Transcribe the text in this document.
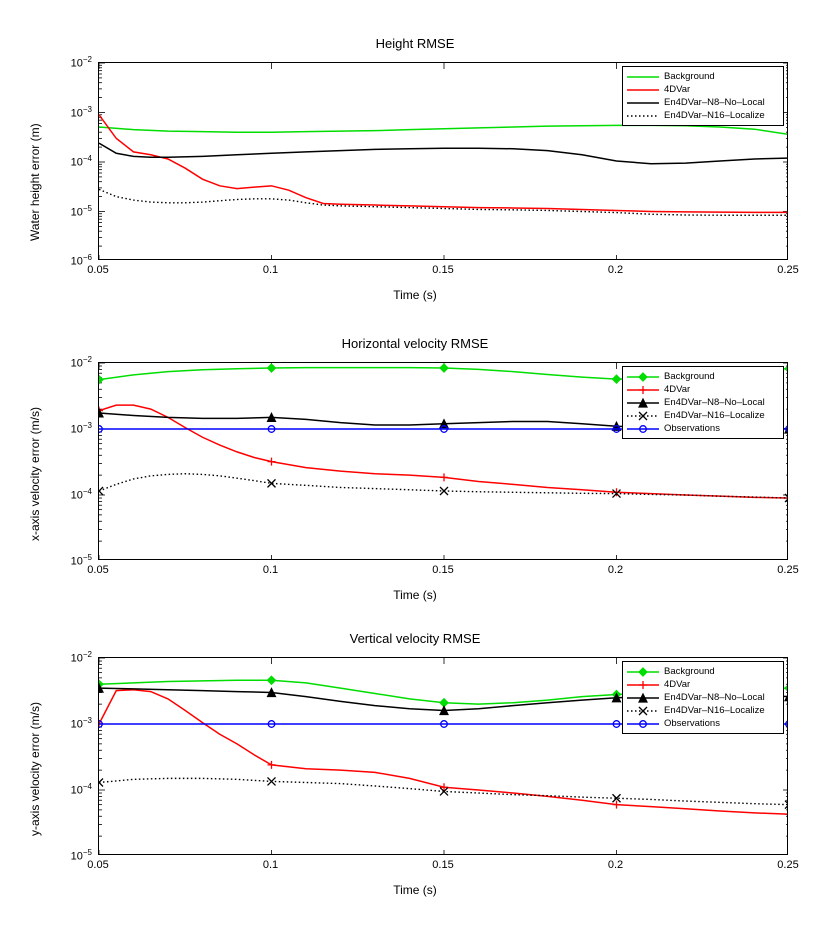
Height RMSE
Water height error (m)
Time (s)
0.05	0.1	0.15	0.2	0.25
$10^{-6}$
$10^{-5}$
$10^{-4}$
$10^{-3}$
$10^{-2}$
Background
4DVar
En4DVar–N8–No–Local
En4DVar–N16–Localize
Horizontal velocity RMSE
x-axis velocity error (m/s)
Time (s)
0.05	0.1	0.15	0.2	0.25
$10^{-5}$
$10^{-4}$
$10^{-3}$
$10^{-2}$
Background
4DVar
En4DVar–N8–No–Local
En4DVar–N16–Localize
Observations
Vertical velocity RMSE
y-axis velocity error (m/s)
Time (s)
0.05	0.1	0.15	0.2	0.25
$10^{-5}$
$10^{-4}$
$10^{-3}$
$10^{-2}$
Background
4DVar
En4DVar–N8–No–Local
En4DVar–N16–Localize
Observations
